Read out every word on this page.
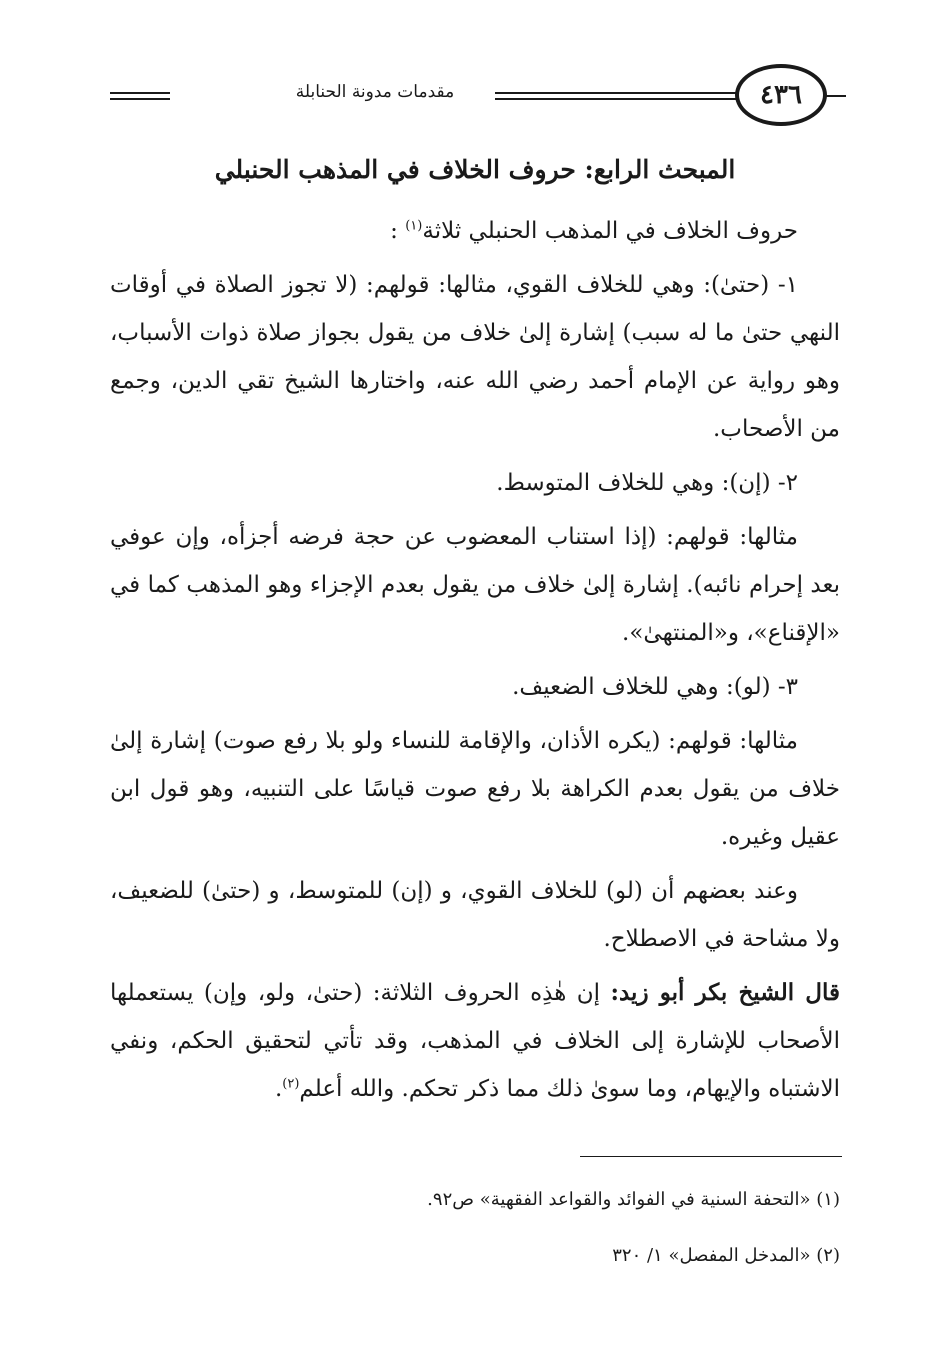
مقدمات مدونة الحنابلة	٤٣٦
المبحث الرابع: حروف الخلاف في المذهب الحنبلي

حروف الخلاف في المذهب الحنبلي ثلاثة$^{(١)}$ :

١- (حتىٰ): وهي للخلاف القوي، مثالها: قولهم: (لا تجوز الصلاة في أوقات النهي حتىٰ ما له سبب) إشارة إلىٰ خلاف من يقول بجواز صلاة ذوات الأسباب، وهو رواية عن الإمام أحمد رضي الله عنه، واختارها الشيخ تقي الدين، وجمع من الأصحاب.

٢- (إن): وهي للخلاف المتوسط.

مثالها: قولهم: (إذا استناب المعضوب عن حجة فرضه أجزأه، وإن عوفي بعد إحرام نائبه). إشارة إلىٰ خلاف من يقول بعدم الإجزاء وهو المذهب كما في «الإقناع»، و«المنتهىٰ».

٣- (لو): وهي للخلاف الضعيف.

مثالها: قولهم: (يكره الأذان، والإقامة للنساء ولو بلا رفع صوت) إشارة إلىٰ خلاف من يقول بعدم الكراهة بلا رفع صوت قياسًا على التنبيه، وهو قول ابن عقيل وغيره.

وعند بعضهم أن (لو) للخلاف القوي، و (إن) للمتوسط، و (حتىٰ) للضعيف، ولا مشاحة في الاصطلاح.

قال الشيخ بكر أبو زيد: إن هٰذِه الحروف الثلاثة: (حتىٰ، ولو، وإن) يستعملها الأصحاب للإشارة إلى الخلاف في المذهب، وقد تأتي لتحقيق الحكم، ونفي الاشتباه والإيهام، وما سوىٰ ذلك مما ذكر تحكم. والله أعلم$^{(٢)}$.

(١) «التحفة السنية في الفوائد والقواعد الفقهية» ص٩٢.
(٢) «المدخل المفصل» ١/ ٣٢٠
